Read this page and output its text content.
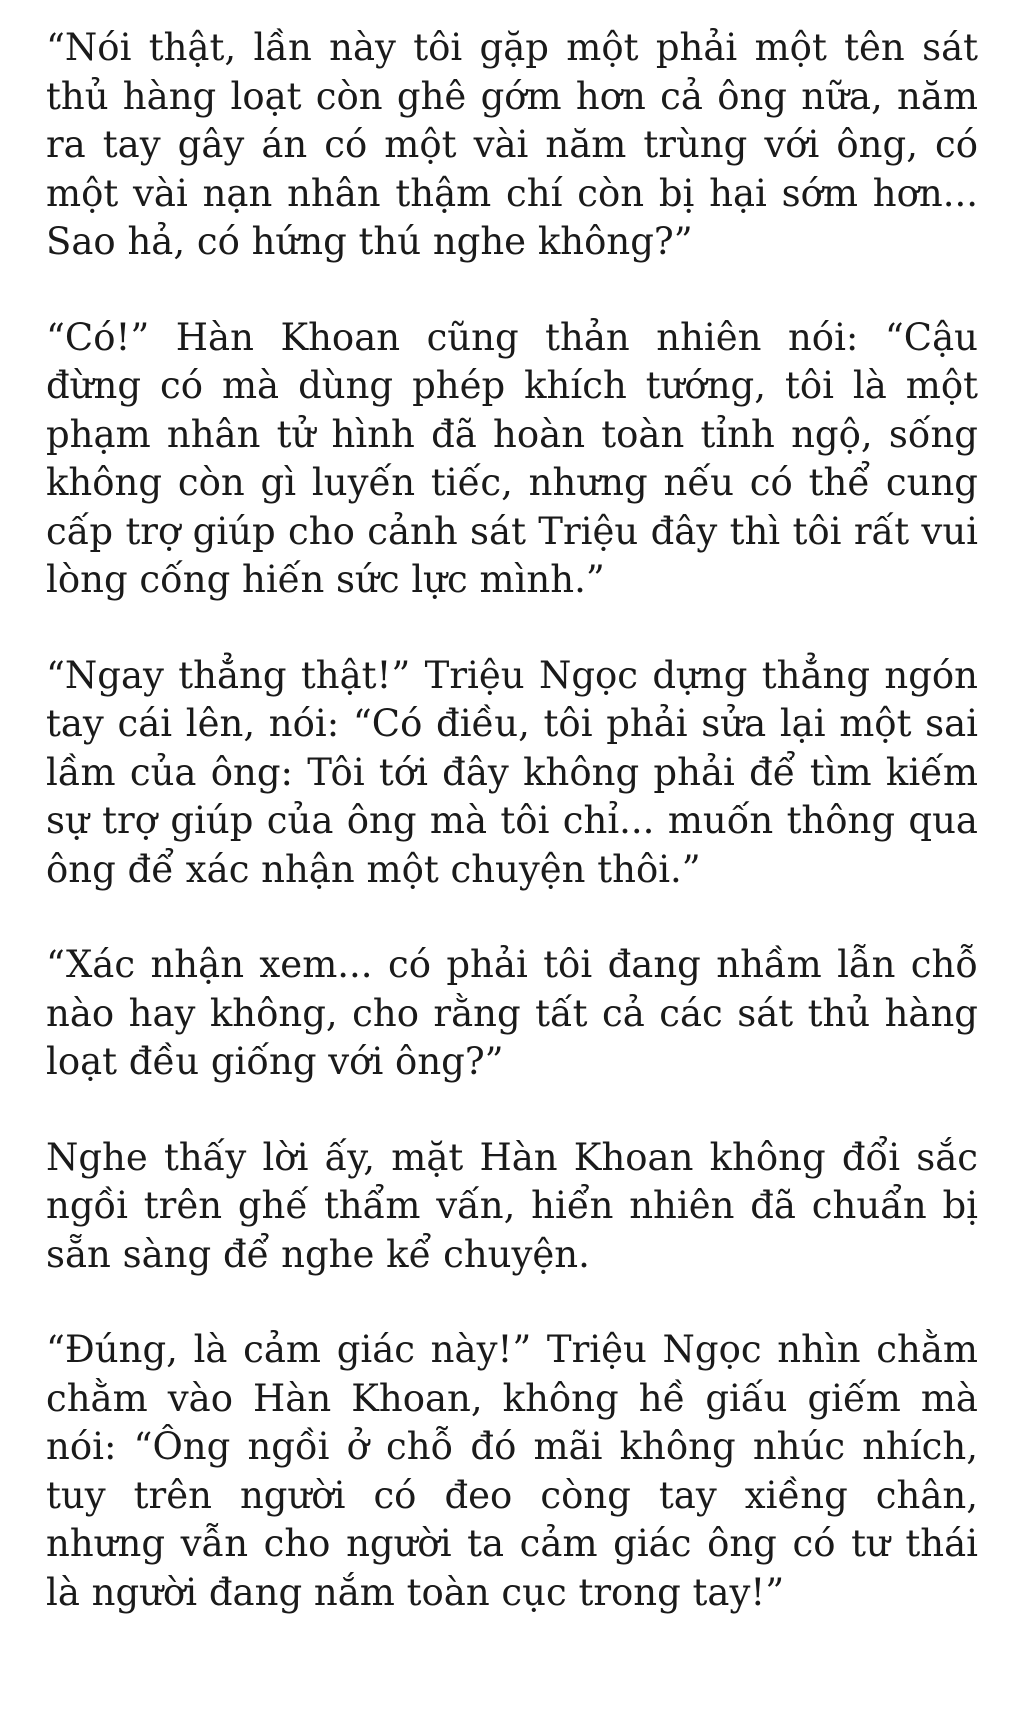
“Nói thật, lần này tôi gặp một phải một tên sát thủ hàng loạt còn ghê gớm hơn cả ông nữa, năm ra tay gây án có một vài năm trùng với ông, có một vài nạn nhân thậm chí còn bị hại sớm hơn... Sao hả, có hứng thú nghe không?”

“Có!” Hàn Khoan cũng thản nhiên nói: “Cậu đừng có mà dùng phép khích tướng, tôi là một phạm nhân tử hình đã hoàn toàn tỉnh ngộ, sống không còn gì luyến tiếc, nhưng nếu có thể cung cấp trợ giúp cho cảnh sát Triệu đây thì tôi rất vui lòng cống hiến sức lực mình.”

“Ngay thẳng thật!” Triệu Ngọc dựng thẳng ngón tay cái lên, nói: “Có điều, tôi phải sửa lại một sai lầm của ông: Tôi tới đây không phải để tìm kiếm sự trợ giúp của ông mà tôi chỉ... muốn thông qua ông để xác nhận một chuyện thôi.”

“Xác nhận xem... có phải tôi đang nhầm lẫn chỗ nào hay không, cho rằng tất cả các sát thủ hàng loạt đều giống với ông?”

Nghe thấy lời ấy, mặt Hàn Khoan không đổi sắc ngồi trên ghế thẩm vấn, hiển nhiên đã chuẩn bị sẵn sàng để nghe kể chuyện.

“Đúng, là cảm giác này!” Triệu Ngọc nhìn chằm chằm vào Hàn Khoan, không hề giấu giếm mà nói: “Ông ngồi ở chỗ đó mãi không nhúc nhích, tuy trên người có đeo còng tay xiềng chân, nhưng vẫn cho người ta cảm giác ông có tư thái là người đang nắm toàn cục trong tay!”
